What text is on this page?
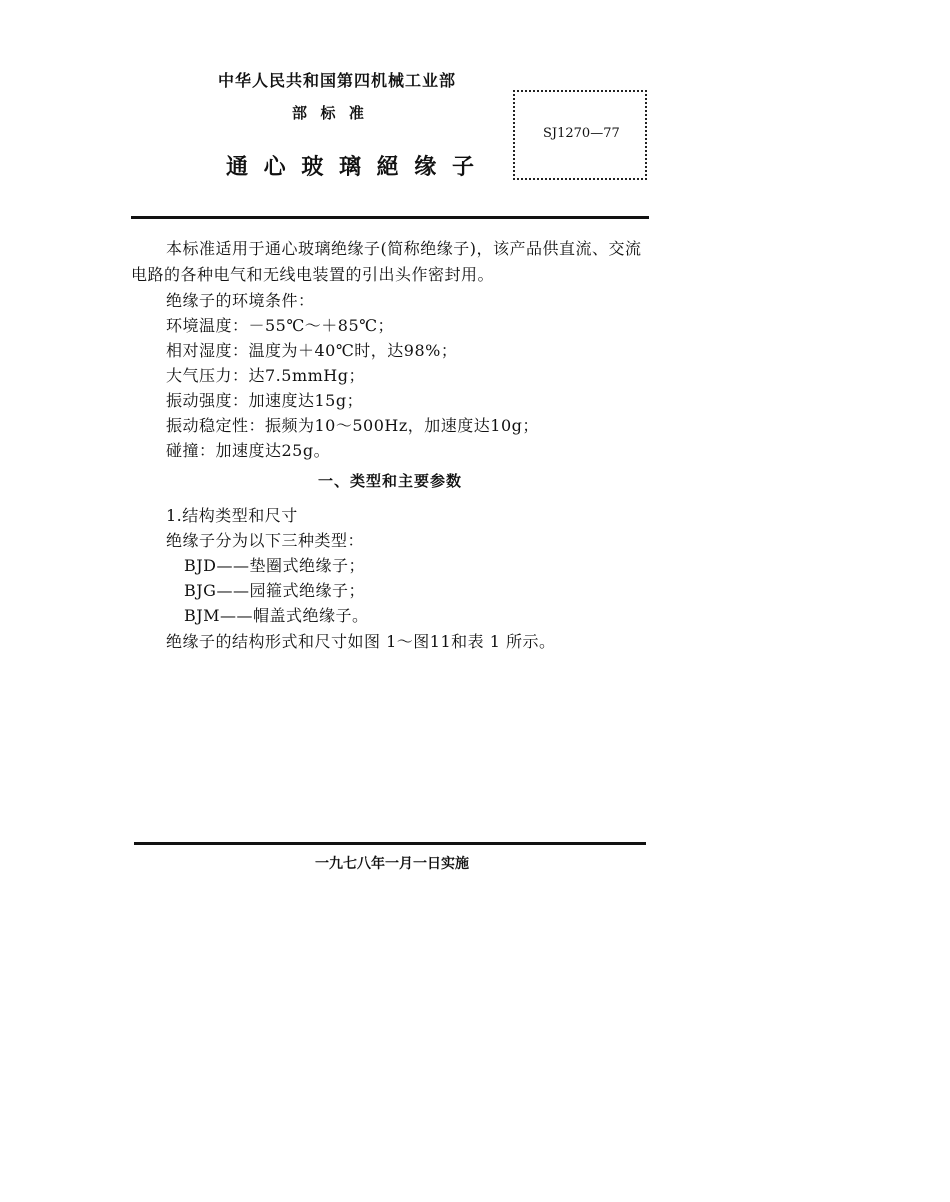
中华人民共和国第四机械工业部
部  标  准
通 心 玻 璃 絕 缘 子
SJ1270—77
本标准适用于通心玻璃绝缘子(简称绝缘子)，该产品供直流、交流
电路的各种电气和无线电装置的引出头作密封用。
绝缘子的环境条件：
环境温度：－55℃～＋85℃；
相对湿度：温度为＋40℃时，达98%；
大气压力：达7.5mmHg；
振动强度：加速度达15g；
振动稳定性：振频为10～500Hz，加速度达10g；
碰撞：加速度达25g。
一、类型和主要参数
1.结构类型和尺寸
绝缘子分为以下三种类型：
BJD——垫圈式绝缘子；
BJG——园箍式绝缘子；
BJM——帽盖式绝缘子。
绝缘子的结构形式和尺寸如图 1～图11和表 1 所示。
一九七八年一月一日实施
